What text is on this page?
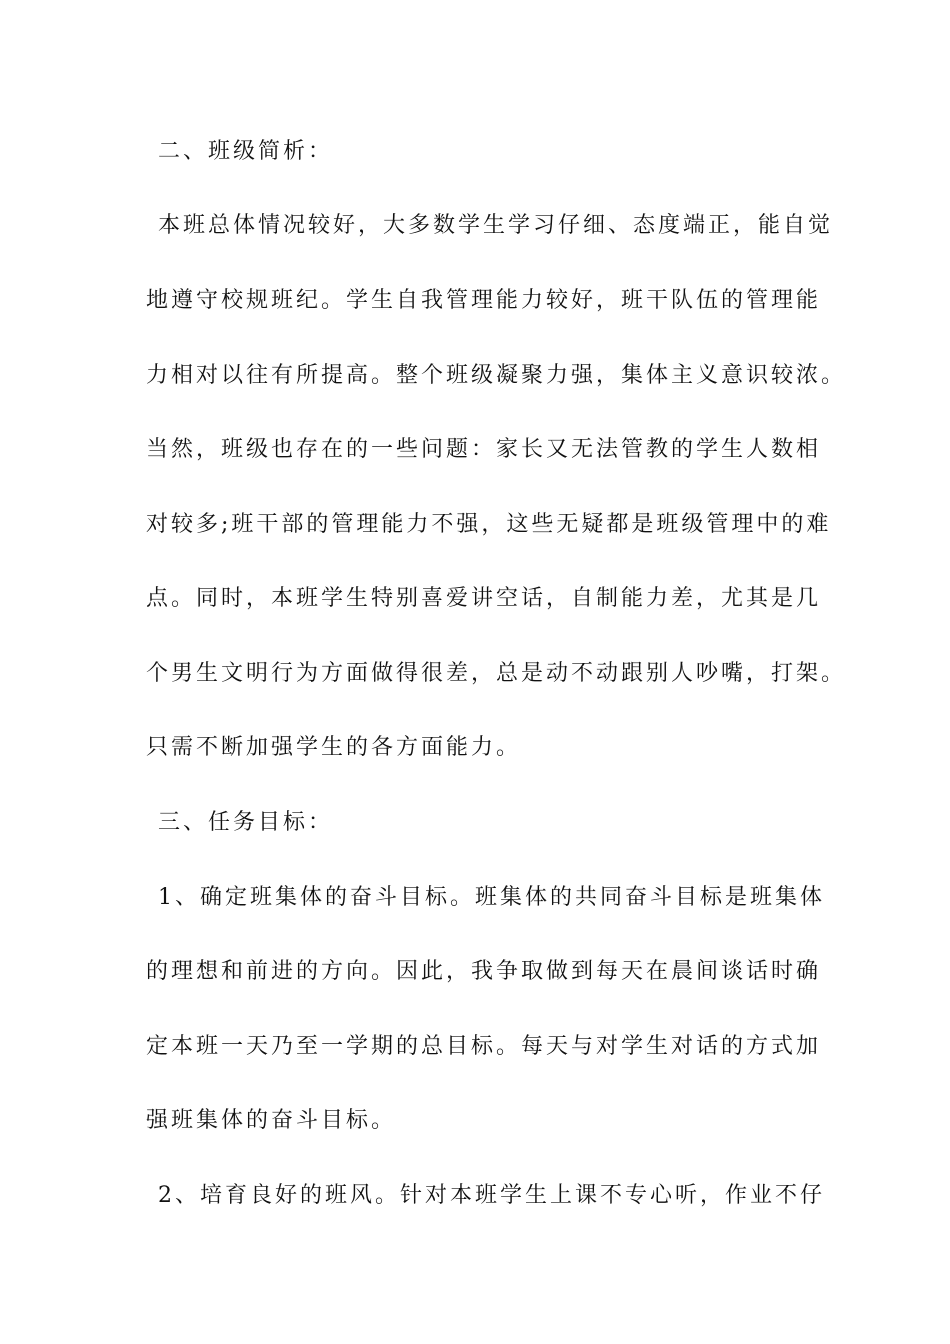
二、班级简析：
本班总体情况较好，大多数学生学习仔细、态度端正，能自觉
地遵守校规班纪。学生自我管理能力较好，班干队伍的管理能
力相对以往有所提高。整个班级凝聚力强，集体主义意识较浓。
当然，班级也存在的一些问题：家长又无法管教的学生人数相
对较多;班干部的管理能力不强，这些无疑都是班级管理中的难
点。同时，本班学生特别喜爱讲空话，自制能力差，尤其是几
个男生文明行为方面做得很差，总是动不动跟别人吵嘴，打架。
只需不断加强学生的各方面能力。
三、任务目标：
1、确定班集体的奋斗目标。班集体的共同奋斗目标是班集体
的理想和前进的方向。因此，我争取做到每天在晨间谈话时确
定本班一天乃至一学期的总目标。每天与对学生对话的方式加
强班集体的奋斗目标。
2、培育良好的班风。针对本班学生上课不专心听，作业不仔
